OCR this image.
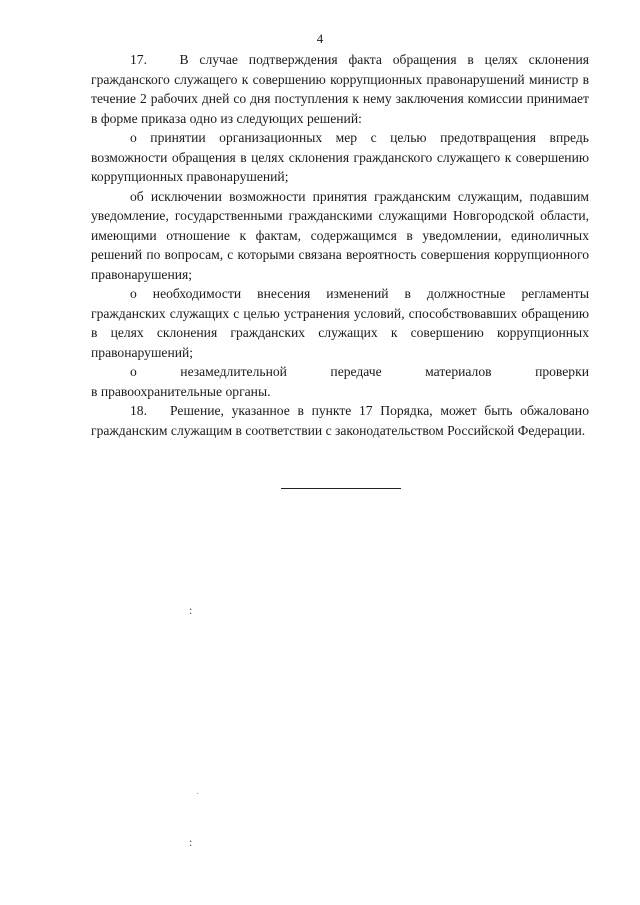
4

17.   В случае подтверждения факта обращения в целях склонения гражданского служащего к совершению коррупционных правонарушений министр в течение 2 рабочих дней со дня поступления к нему заключения комиссии принимает в форме приказа одно из следующих решений:

о принятии организационных мер с целью предотвращения впредь возможности обращения в целях склонения гражданского служащего к совершению коррупционных правонарушений;

об исключении возможности принятия гражданским служащим, подавшим уведомление, государственными гражданскими служащими Новгородской области, имеющими отношение к фактам, содержащимся в уведомлении, единоличных решений по вопросам, с которыми связана вероятность совершения коррупционного правонарушения;

о необходимости внесения изменений в должностные регламенты гражданских служащих с целью устранения условий, способствовавших обращению в целях склонения гражданских служащих к совершению коррупционных правонарушений;

о	незамедлительной	передаче	материалов	проверки
в правоохранительные органы.

18.   Решение, указанное в пункте 17 Порядка, может быть обжаловано гражданским служащим в соответствии с законодательством Российской Федерации.

:
:
